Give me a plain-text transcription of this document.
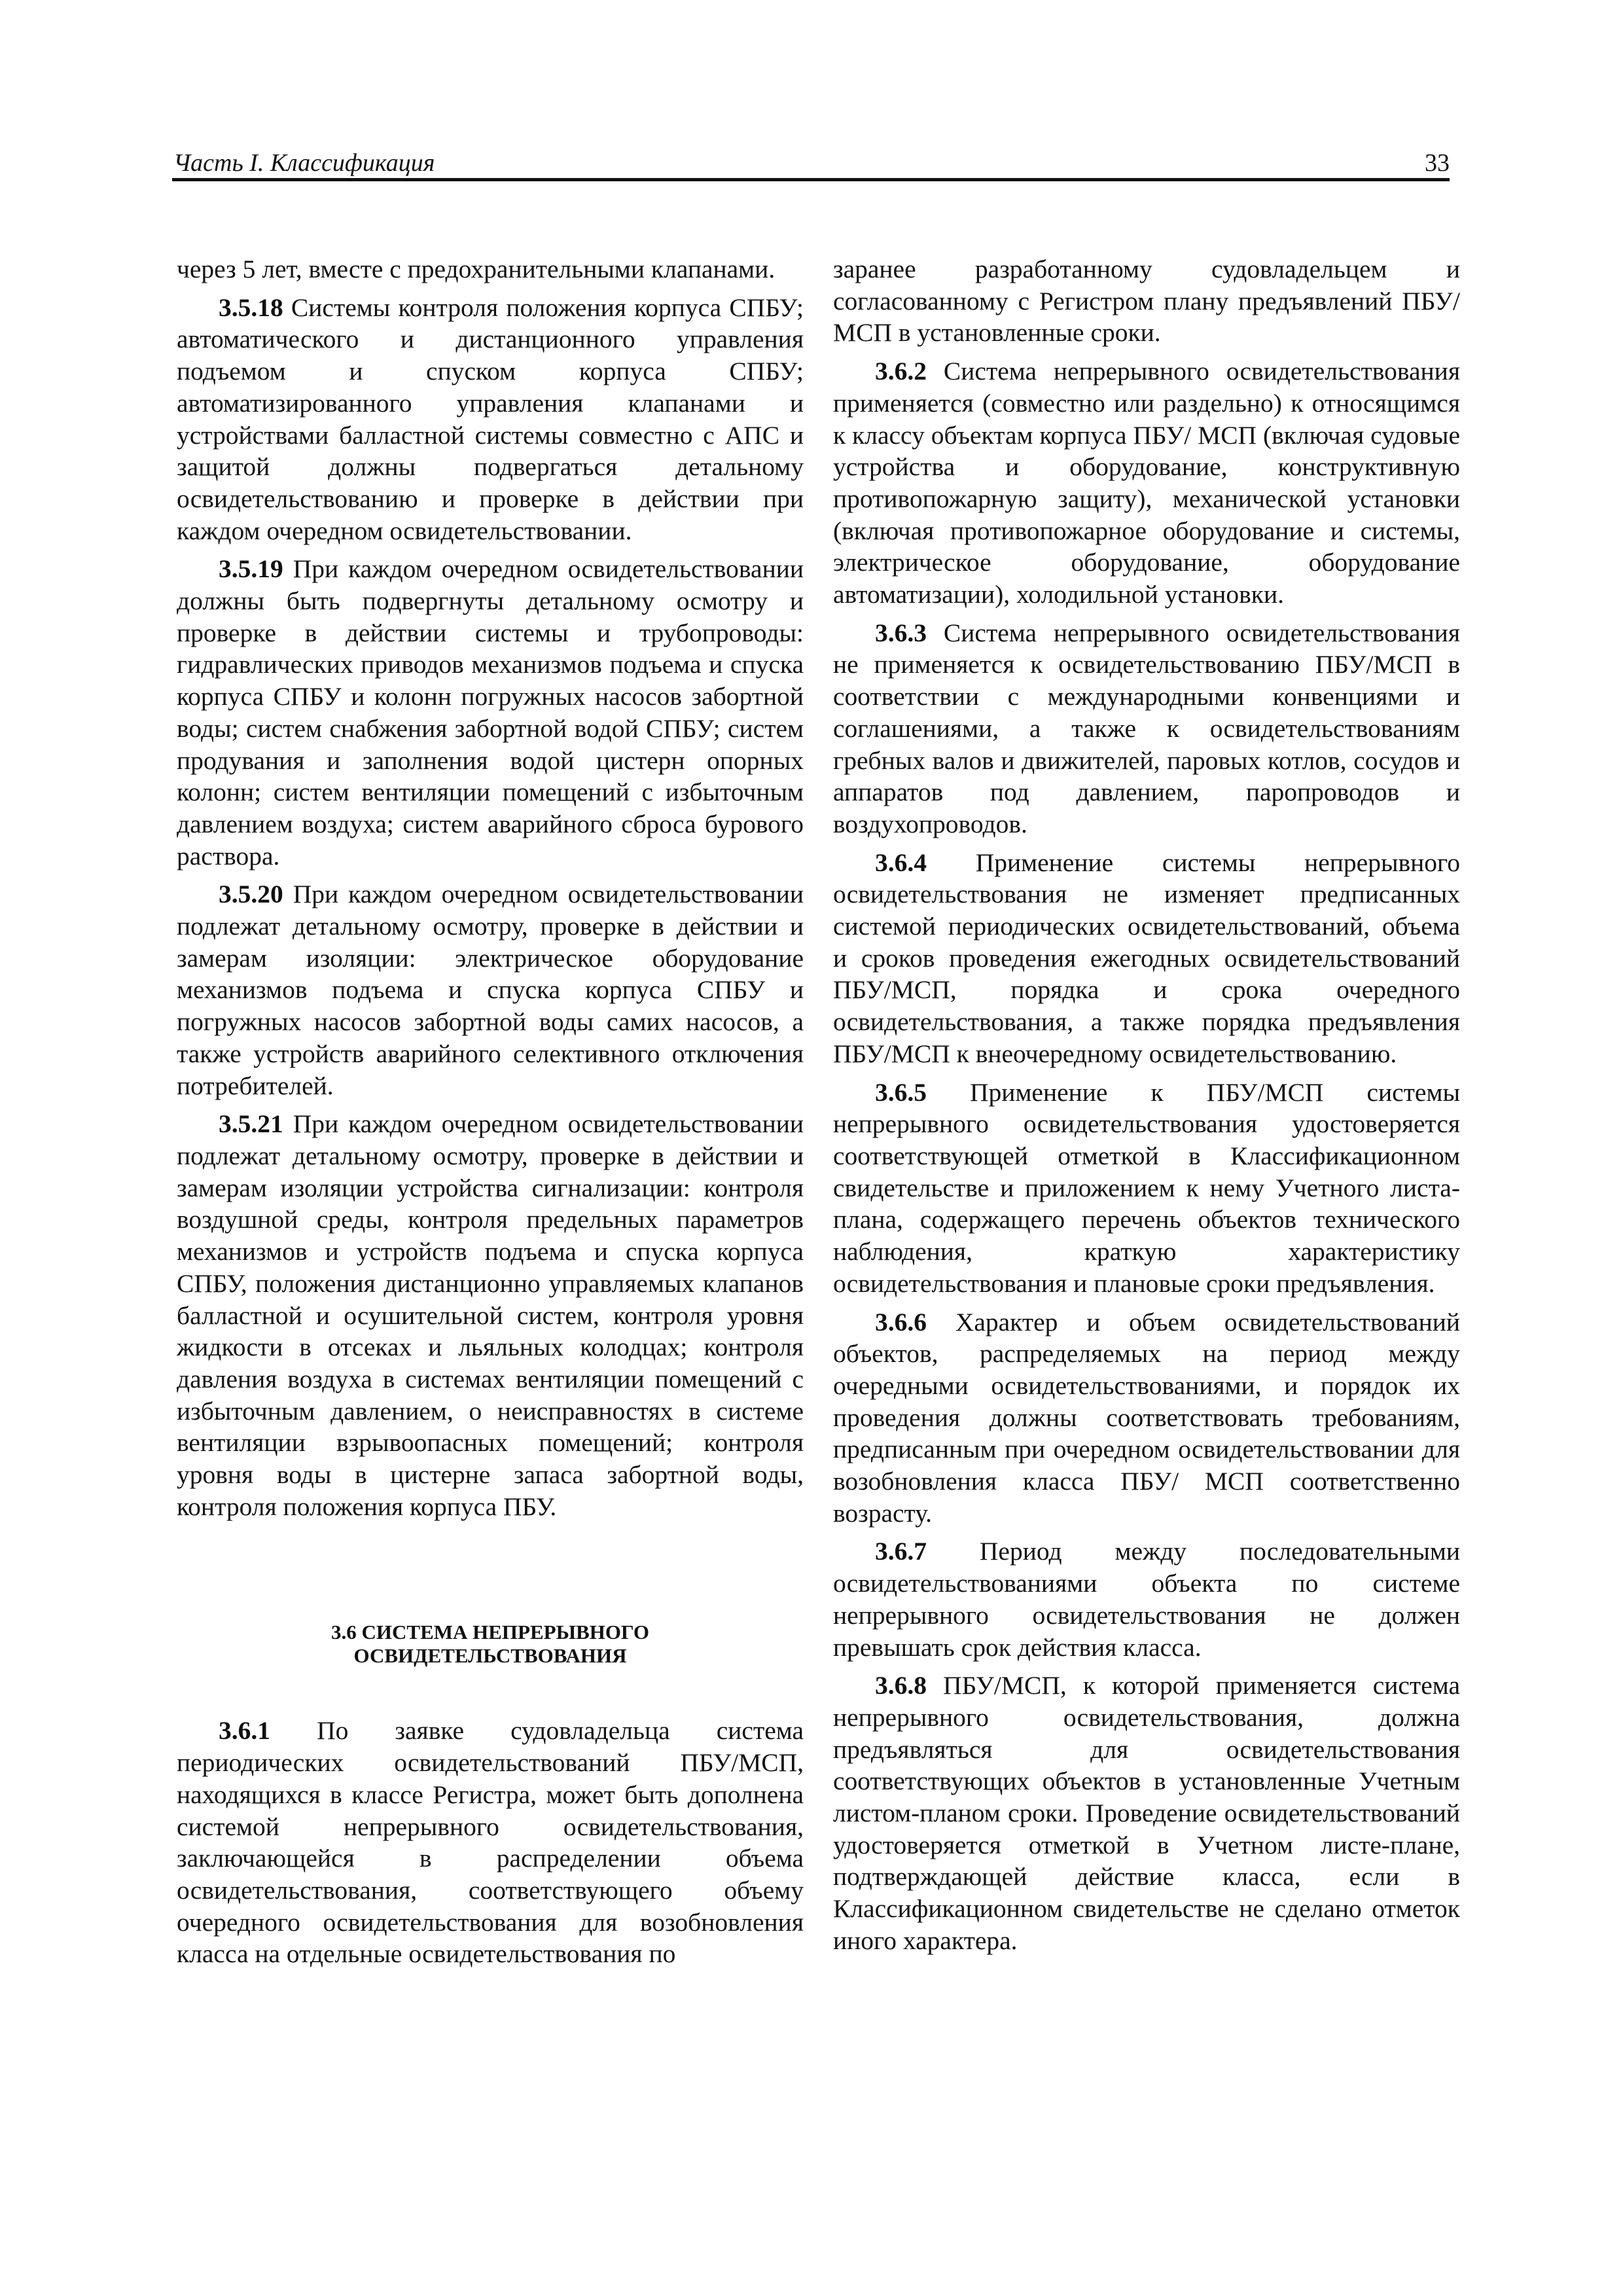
Часть I. Классификация	33

через 5 лет, вместе с предохранительными клапанами.

3.5.18 Системы контроля положения корпуса СПБУ; автоматического и дистанционного управления подъемом и спуском корпуса СПБУ; автоматизированного управления клапанами и устройствами балластной системы совместно с АПС и защитой должны подвергаться детальному освидетельствованию и проверке в действии при каждом очередном освидетельствовании.

3.5.19 При каждом очередном освидетельствовании должны быть подвергнуты детальному осмотру и проверке в действии системы и трубопроводы: гидравлических приводов механизмов подъема и спуска корпуса СПБУ и колонн погружных насосов забортной воды; систем снабжения забортной водой СПБУ; систем продувания и заполнения водой цистерн опорных колонн; систем вентиляции помещений с избыточным давлением воздуха; систем аварийного сброса бурового раствора.

3.5.20 При каждом очередном освидетельствовании подлежат детальному осмотру, проверке в действии и замерам изоляции: электрическое оборудование механизмов подъема и спуска корпуса СПБУ и погружных насосов забортной воды самих насосов, а также устройств аварийного селективного отключения потребителей.

3.5.21 При каждом очередном освидетельствовании подлежат детальному осмотру, проверке в действии и замерам изоляции устройства сигнализации: контроля воздушной среды, контроля предельных параметров механизмов и устройств подъема и спуска корпуса СПБУ, положения дистанционно управляемых клапанов балластной и осушительной систем, контроля уровня жидкости в отсеках и льяльных колодцах; контроля давления воздуха в системах вентиляции помещений с избыточным давлением, о неисправностях в системе вентиляции взрывоопасных помещений; контроля уровня воды в цистерне запаса забортной воды, контроля положения корпуса ПБУ.

3.6 СИСТЕМА НЕПРЕРЫВНОГО
ОСВИДЕТЕЛЬСТВОВАНИЯ

3.6.1 По заявке судовладельца система периодических освидетельствований ПБУ/МСП, находящихся в классе Регистра, может быть дополнена системой непрерывного освидетельствования, заключающейся в распределении объема освидетельствования, соответствующего объему очередного освидетельствования для возобновления класса на отдельные освидетельствования по

заранее разработанному судовладельцем и согласованному с Регистром плану предъявлений ПБУ/МСП в установленные сроки.

3.6.2 Система непрерывного освидетельствования применяется (совместно или раздельно) к относящимся к классу объектам корпуса ПБУ/ МСП (включая судовые устройства и оборудование, конструктивную противопожарную защиту), механической установки (включая противопожарное оборудование и системы, электрическое оборудование, оборудование автоматизации), холодильной установки.

3.6.3 Система непрерывного освидетельствования не применяется к освидетельствованию ПБУ/МСП в соответствии с международными конвенциями и соглашениями, а также к освидетельствованиям гребных валов и движителей, паровых котлов, сосудов и аппаратов под давлением, паропроводов и воздухопроводов.

3.6.4 Применение системы непрерывного освидетельствования не изменяет предписанных системой периодических освидетельствований, объема и сроков проведения ежегодных освидетельствований ПБУ/МСП, порядка и срока очередного освидетельствования, а также порядка предъявления ПБУ/МСП к внеочередному освидетельствованию.

3.6.5 Применение к ПБУ/МСП системы непрерывного освидетельствования удостоверяется соответствующей отметкой в Классификационном свидетельстве и приложением к нему Учетного листа-плана, содержащего перечень объектов технического наблюдения, краткую характеристику освидетельствования и плановые сроки предъявления.

3.6.6 Характер и объем освидетельствований объектов, распределяемых на период между очередными освидетельствованиями, и порядок их проведения должны соответствовать требованиям, предписанным при очередном освидетельствовании для возобновления класса ПБУ/ МСП соответственно возрасту.

3.6.7 Период между последовательными освидетельствованиями объекта по системе непрерывного освидетельствования не должен превышать срок действия класса.

3.6.8 ПБУ/МСП, к которой применяется система непрерывного освидетельствования, должна предъявляться для освидетельствования соответствующих объектов в установленные Учетным листом-планом сроки. Проведение освидетельствований удостоверяется отметкой в Учетном листе-плане, подтверждающей действие класса, если в Классификационном свидетельстве не сделано отметок иного характера.
